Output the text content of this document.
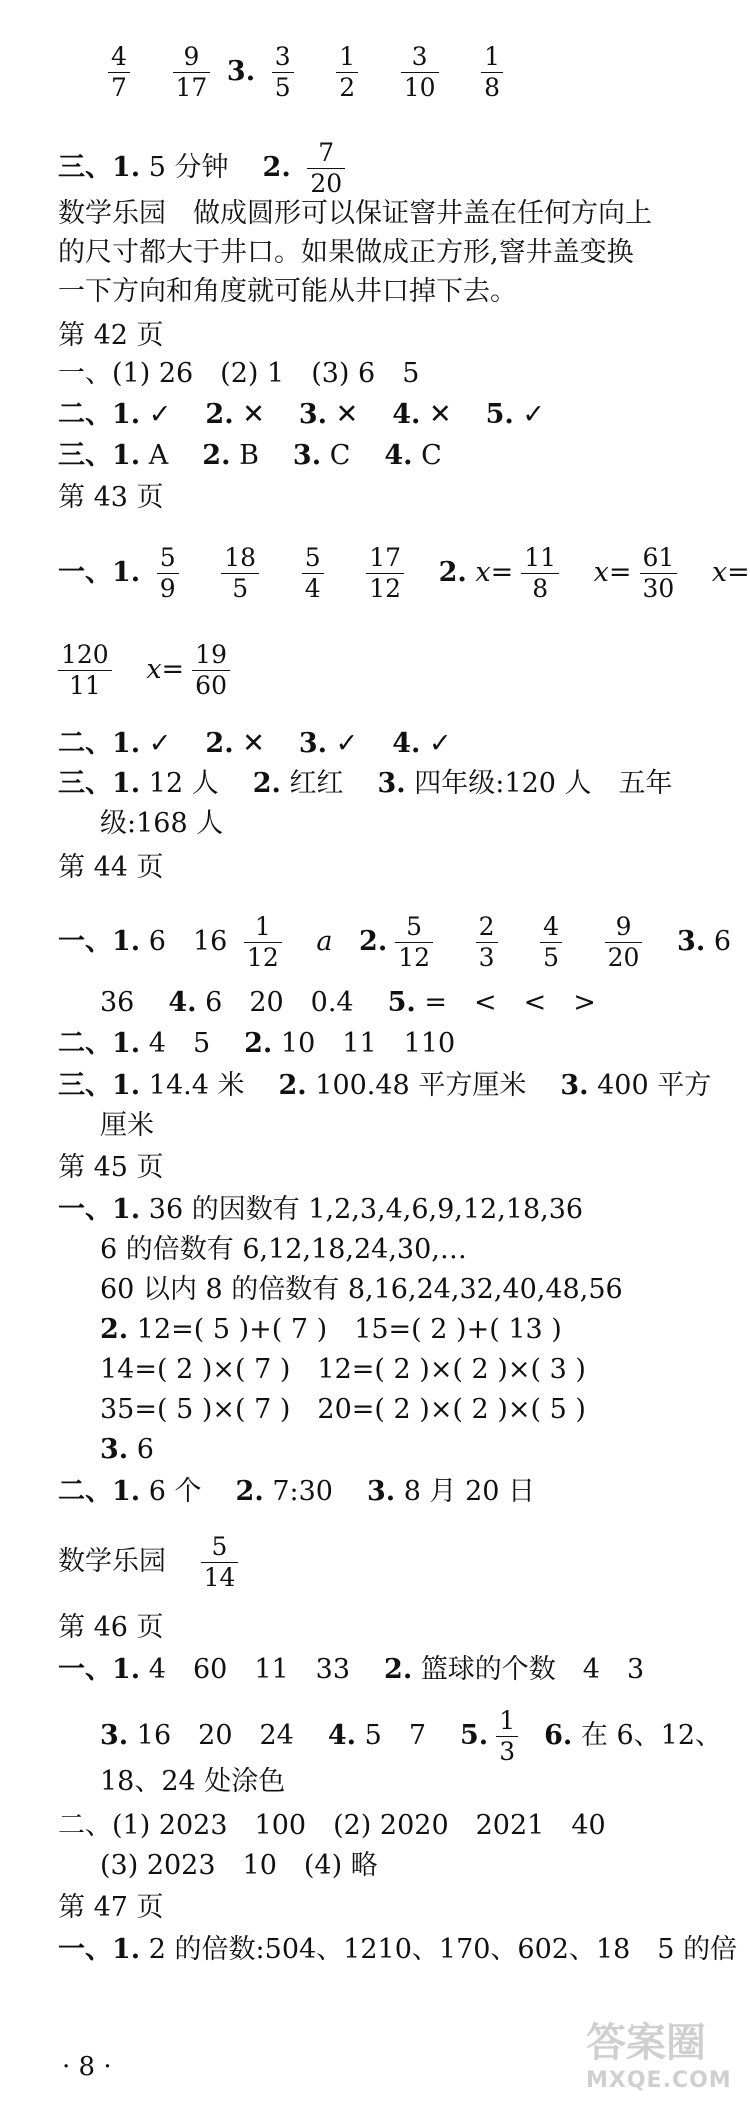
$\frac{4}{7}$
$\frac{9}{17} 3$. $\frac{3}{5}$
$\frac{1}{2}$
$\frac{3}{10}$
$\frac{1}{8}$
三、1. 5 分钟 2. $\frac{7}{20}$
数学乐园　做成圆形可以保证窨井盖在任何方向上
的尺寸都大于井口。如果做成正方形,窨井盖变换
一下方向和角度就可能从井口掉下去。
第 42 页
一、(1) 26　(2) 1　(3) 6　5
二、1. ✓ 2. ✕ 3. ✕ 4. ✕ 5. ✓
三、1. A 2. B 3. C 4. C
第 43 页
一、1. $\frac{5}{9}$
$\frac{18}{5}$
$\frac{5}{4}$
$\frac{17}{12} 2$. $x= \frac{11}{8} x= \frac{61}{30} x=$
$\frac{120}{11} x= \frac{19}{60}$
二、1. ✓ 2. ✕ 3. ✓ 4. ✓
三、1. 12 人 2. 红红 3. 四年级:120 人　五年
级:168 人
第 44 页
一、1. 6　$16 \frac{1}{12}$ a 2. $\frac{5}{12}$
$\frac{2}{3}$
$\frac{4}{5}$
$\frac{9}{20} 3$. 6
36 4. 6　20　0.4 5. =　<　<　>
二、1. 4　5 2. 10　11　110
三、1. 14.4 米 2. 100.48 平方厘米 3. 400 平方
厘米
第 45 页
一、1. 36 的因数有 1,2,3,4,6,9,12,18,36
6 的倍数有 6,12,18,24,30,…
60 以内 8 的倍数有 8,16,24,32,40,48,56
2. 12=( 5 )+( 7 )　15=( 2 )+( 13 )
14=( 2 )×( 7 )　12=( 2 )×( 2 )×( 3 )
35=( 5 )×( 7 )　20=( 2 )×( 2 )×( 5 )
3. 6
二、1. 6 个 2. 7:30 3. 8 月 20 日
数学乐园 $\frac{5}{14}$
第 46 页
一、1. 4　60　11　33 2. 篮球的个数　4　3
3. 16　20　24 4. 5　7 5. $\frac{1}{3} 6$. 在 6、12、
18、24 处涂色
二、(1) 2023　100　(2) 2020　2021　40
(3) 2023　10　(4) 略
第 47 页
一、1. 2 的倍数:504、1210、170、602、18　5 的倍
· 8 ·
答案圈
MXQE.COM
